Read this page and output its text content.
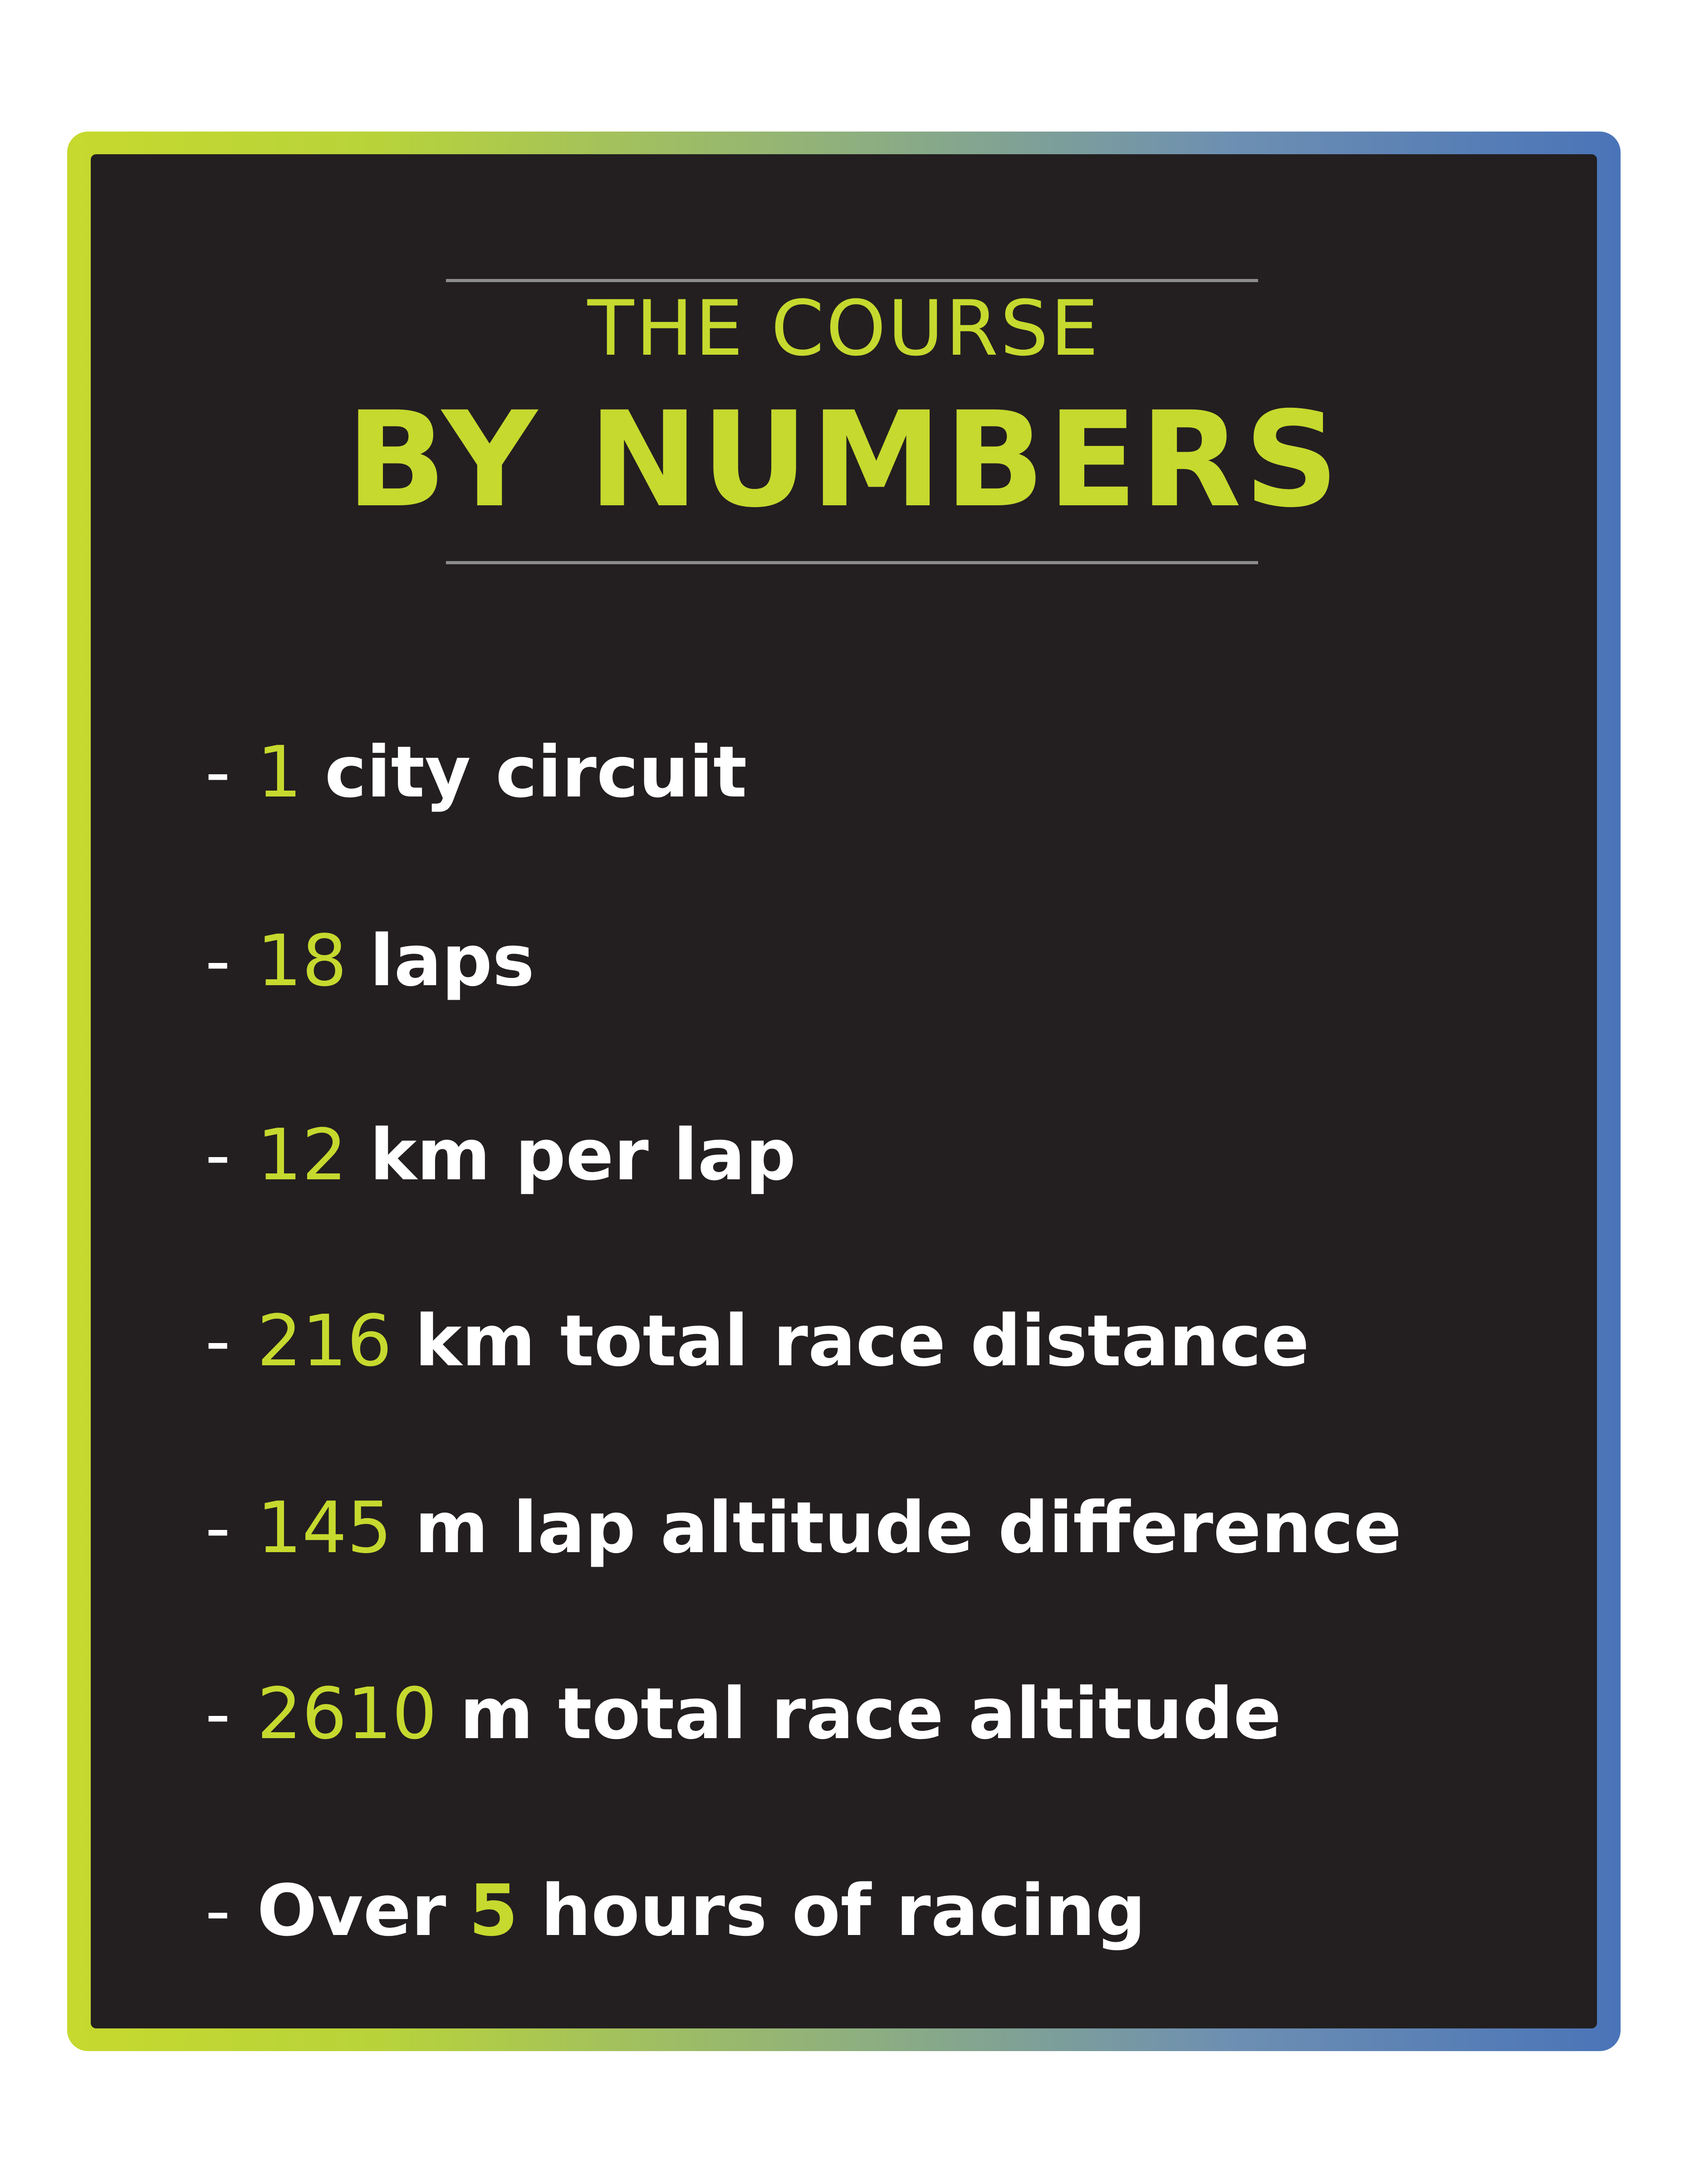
THE COURSE
BY NUMBERS
- 1 city circuit
- 18 laps
- 12 km per lap
- 216 km total race distance
- 145 m lap altitude difference
- 2610 m total race altitude
- Over 5 hours of racing
